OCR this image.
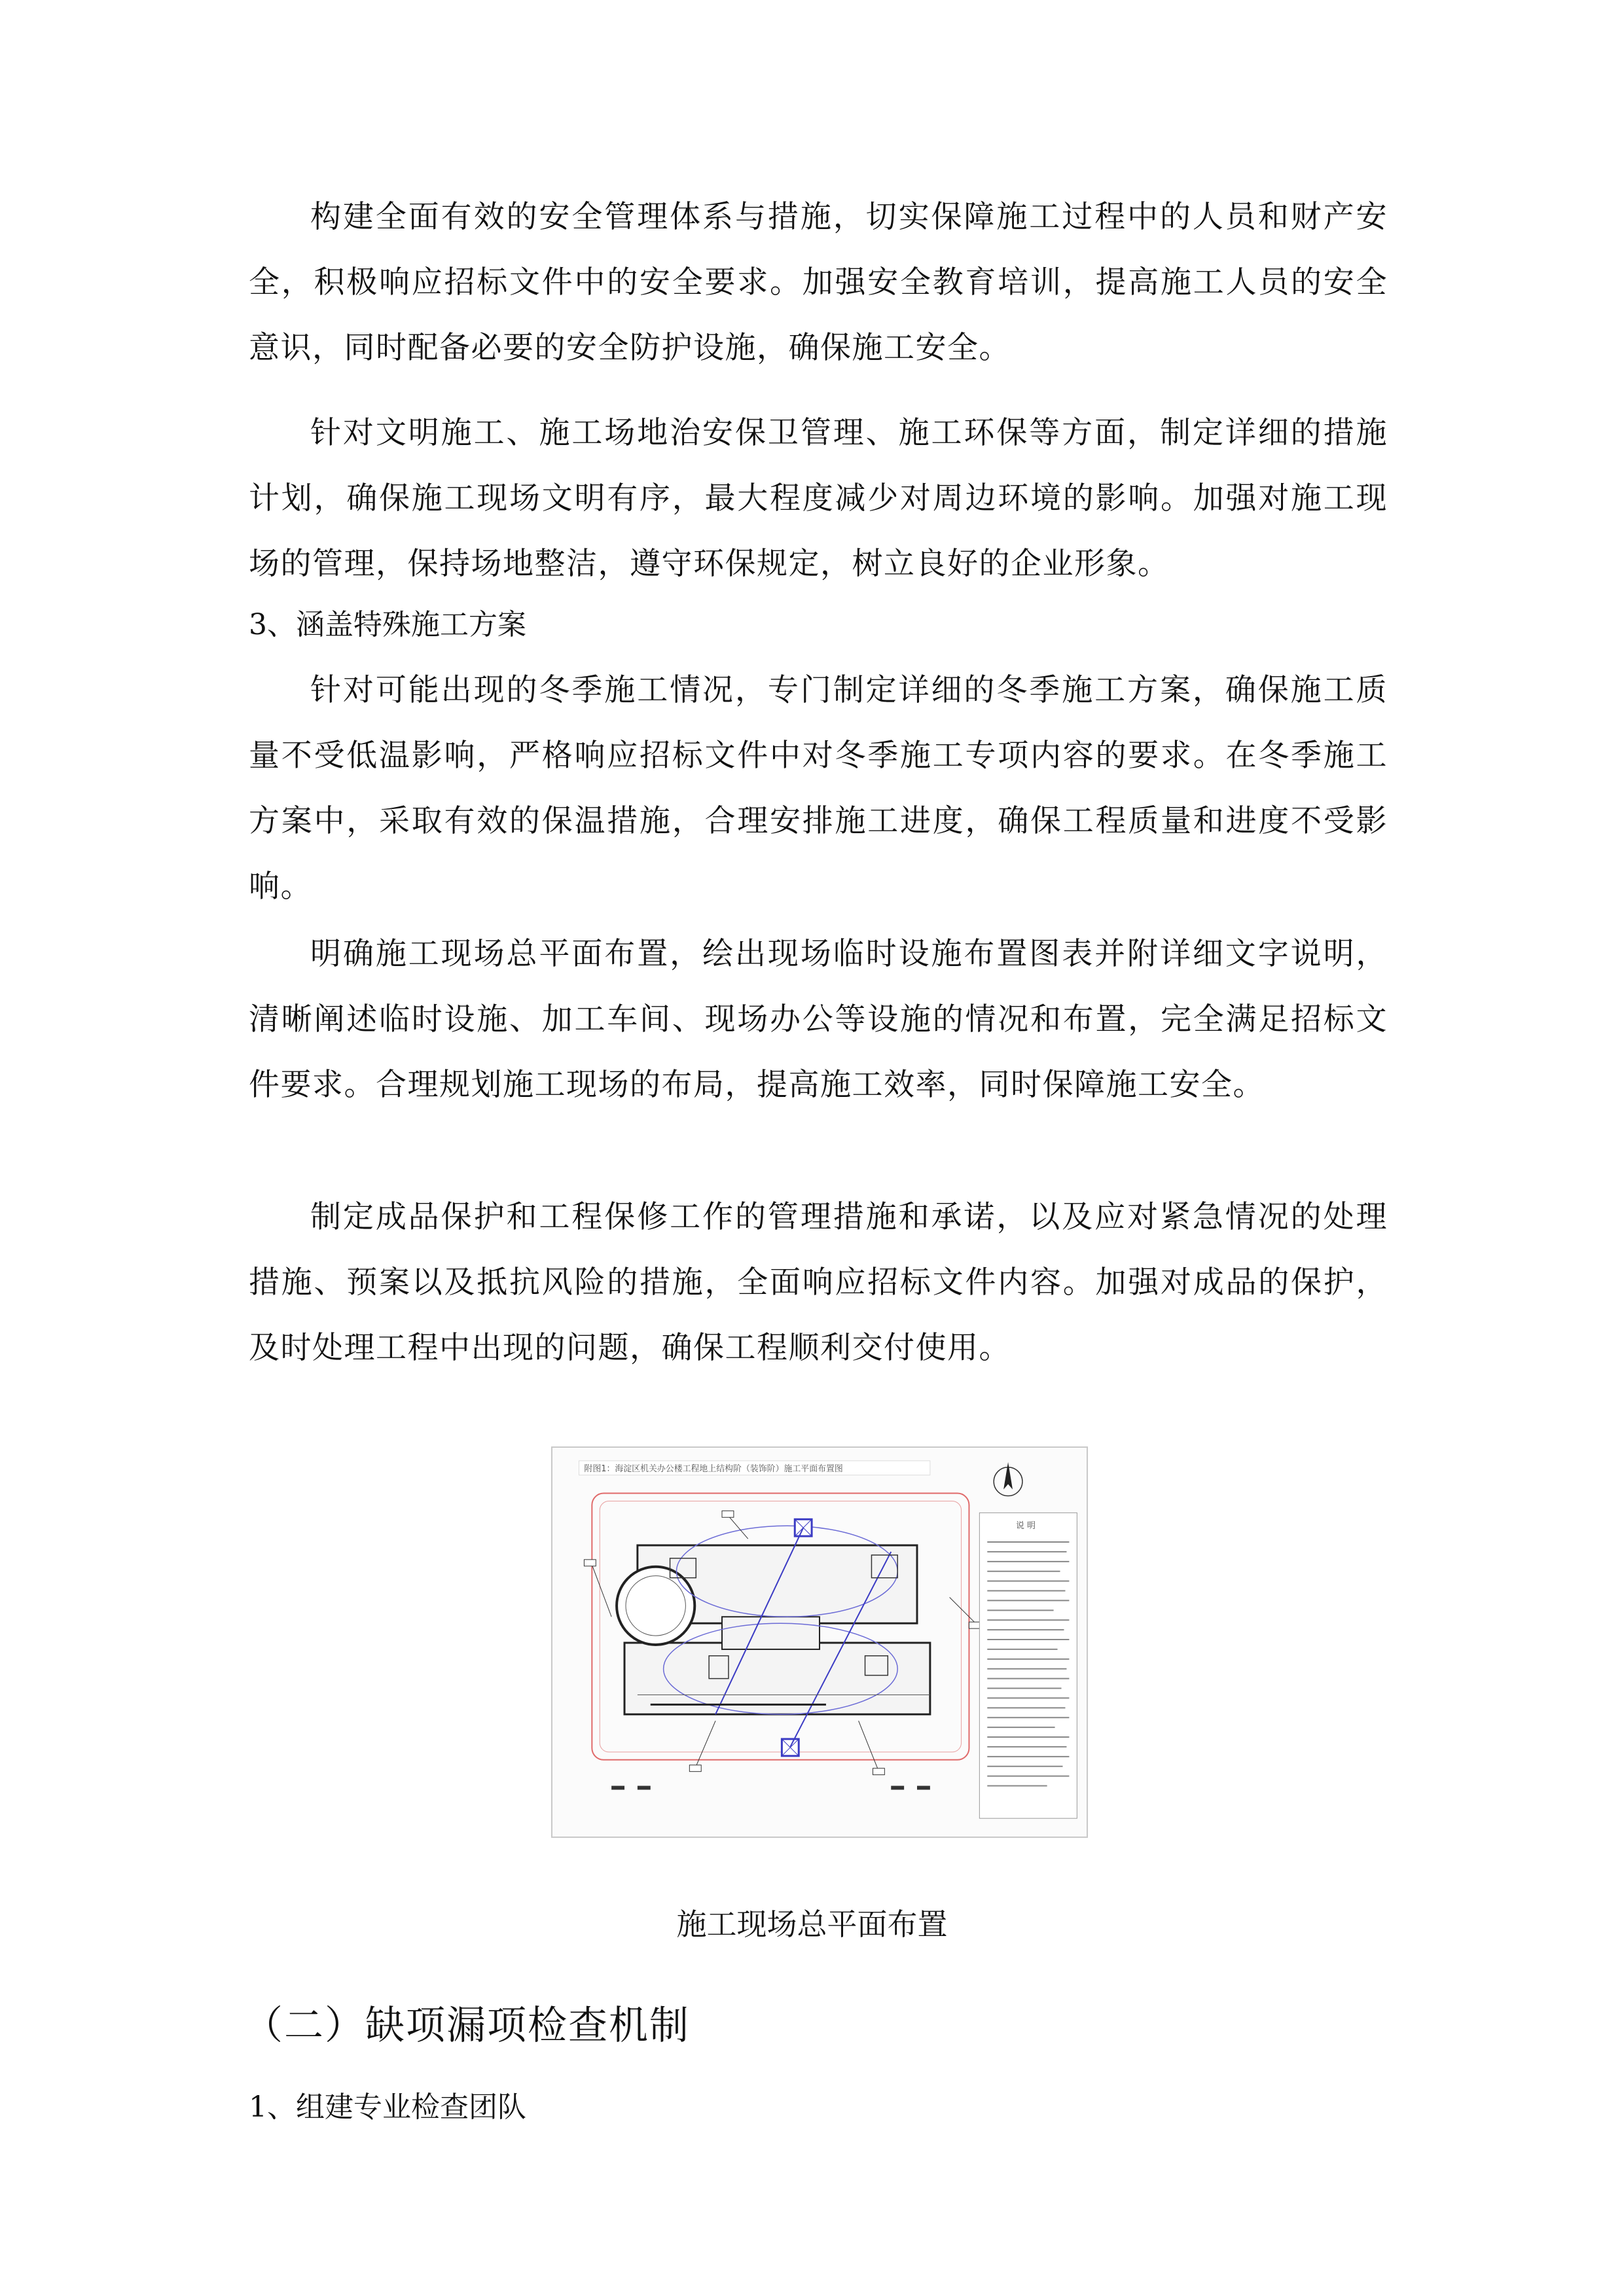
构建全面有效的安全管理体系与措施，切实保障施工过程中的人员和财产安全，积极响应招标文件中的安全要求。加强安全教育培训，提高施工人员的安全意识，同时配备必要的安全防护设施，确保施工安全。

针对文明施工、施工场地治安保卫管理、施工环保等方面，制定详细的措施计划，确保施工现场文明有序，最大程度减少对周边环境的影响。加强对施工现场的管理，保持场地整洁，遵守环保规定，树立良好的企业形象。

3、涵盖特殊施工方案

针对可能出现的冬季施工情况，专门制定详细的冬季施工方案，确保施工质量不受低温影响，严格响应招标文件中对冬季施工专项内容的要求。在冬季施工方案中，采取有效的保温措施，合理安排施工进度，确保工程质量和进度不受影响。

明确施工现场总平面布置，绘出现场临时设施布置图表并附详细文字说明，清晰阐述临时设施、加工车间、现场办公等设施的情况和布置，完全满足招标文件要求。合理规划施工现场的布局，提高施工效率，同时保障施工安全。

制定成品保护和工程保修工作的管理措施和承诺，以及应对紧急情况的处理措施、预案以及抵抗风险的措施，全面响应招标文件内容。加强对成品的保护，及时处理工程中出现的问题，确保工程顺利交付使用。

附图1：海淀区机关办公楼工程地上结构阶（装饰阶）施工平面布置图
说 明

施工现场总平面布置

（二）缺项漏项检查机制

1、组建专业检查团队
